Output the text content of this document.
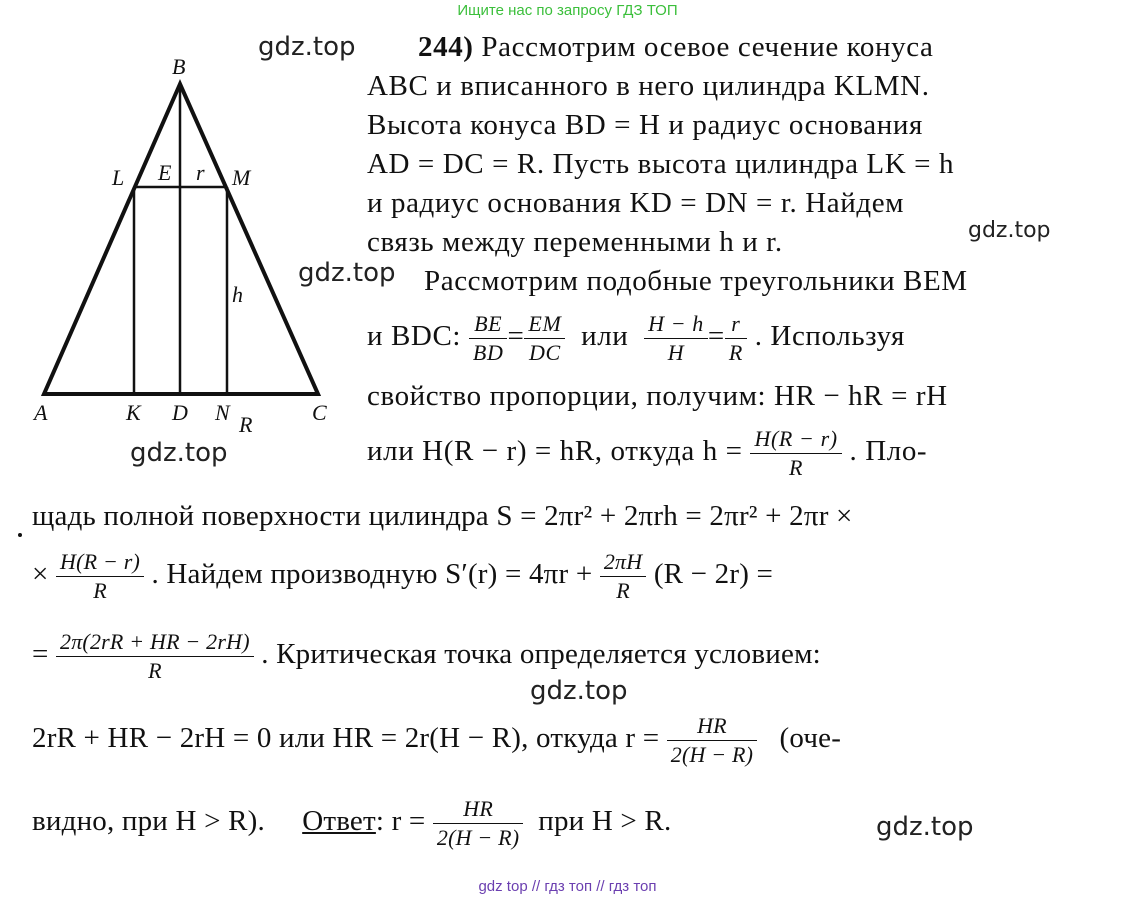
Ищите нас по запросу ГДЗ ТОП
B
L E r M
h
A	K D N R	C
gdz.top
gdz.top
gdz.top
gdz.top
gdz.top
gdz.top
244) Рассмотрим осевое сечение конуса
ABC и вписанного в него цилиндра KLMN.
Высота конуса BD = H и радиус основания
AD = DC = R. Пусть высота цилиндра LK = h
и радиус основания KD = DN = r. Найдем
связь между переменными h и r.
Рассмотрим подобные треугольники BEM
и BDC: $\frac{BE}{BD} = \frac{EM}{DC}$ или $\frac{H - h}{H} = \frac{r}{R}$ . Используя
свойство пропорции, получим: HR − hR = rH
или H(R − r) = hR, откуда $h = \frac{H(R - r)}{R}$ . Пло-
щадь полной поверхности цилиндра S = 2πr² + 2πrh = 2πr² + 2πr ×
× $\frac{H(R - r)}{R}$ . Найдем производную $S'(r) = 4\pi r + \frac{2\pi H}{R} (R - 2r)$ =
= $\frac{2\pi(2rR + HR - 2rH)}{R}$ . Критическая точка определяется условием:
2rR + HR − 2rH = 0 или HR = 2r(H − R), откуда $r = \frac{HR}{2(H - R)} (оче-$
видно, при H > R). Ответ: $r = \frac{HR}{2(H - R)}$ при H > R.
gdz top // гдз топ // гдз топ
